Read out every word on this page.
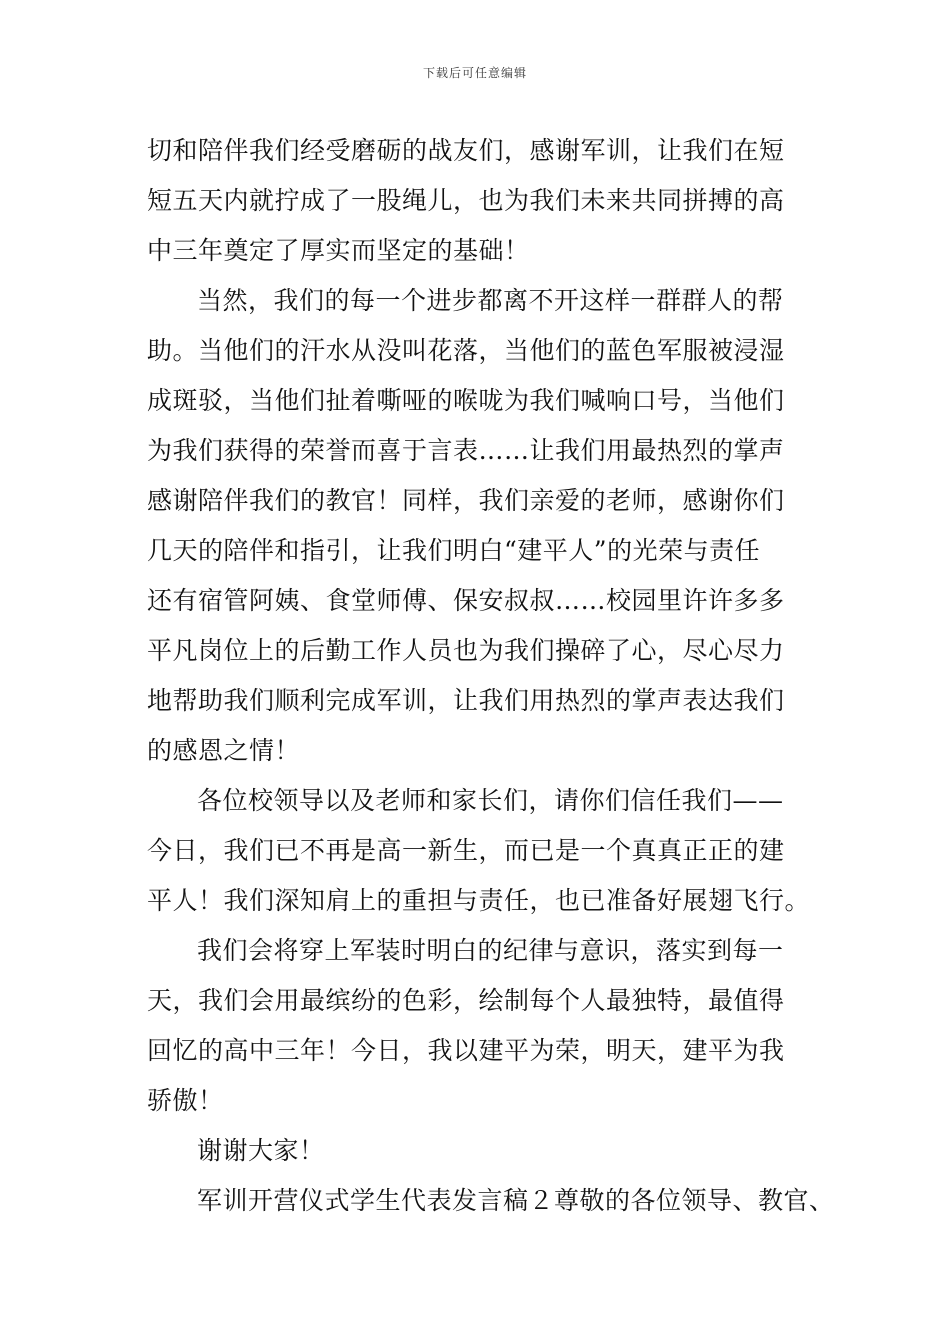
下载后可任意编辑
切和陪伴我们经受磨砺的战友们，感谢军训，让我们在短
短五天内就拧成了一股绳儿，也为我们未来共同拼搏的高
中三年奠定了厚实而坚定的基础！
当然，我们的每一个进步都离不开这样一群群人的帮
助。当他们的汗水从没叫花落，当他们的蓝色军服被浸湿
成斑驳，当他们扯着嘶哑的喉咙为我们喊响口号，当他们
为我们获得的荣誉而喜于言表……让我们用最热烈的掌声
感谢陪伴我们的教官！同样，我们亲爱的老师，感谢你们
几天的陪伴和指引，让我们明白“建平人”的光荣与责任
还有宿管阿姨、食堂师傅、保安叔叔……校园里许许多多
平凡岗位上的后勤工作人员也为我们操碎了心，尽心尽力
地帮助我们顺利完成军训，让我们用热烈的掌声表达我们
的感恩之情！
各位校领导以及老师和家长们，请你们信任我们——
今日，我们已不再是高一新生，而已是一个真真正正的建
平人！我们深知肩上的重担与责任，也已准备好展翅飞行。
我们会将穿上军装时明白的纪律与意识，落实到每一
天，我们会用最缤纷的色彩，绘制每个人最独特，最值得
回忆的高中三年！今日，我以建平为荣，明天，建平为我
骄傲！
谢谢大家！
军训开营仪式学生代表发言稿２尊敬的各位领导、教官、
